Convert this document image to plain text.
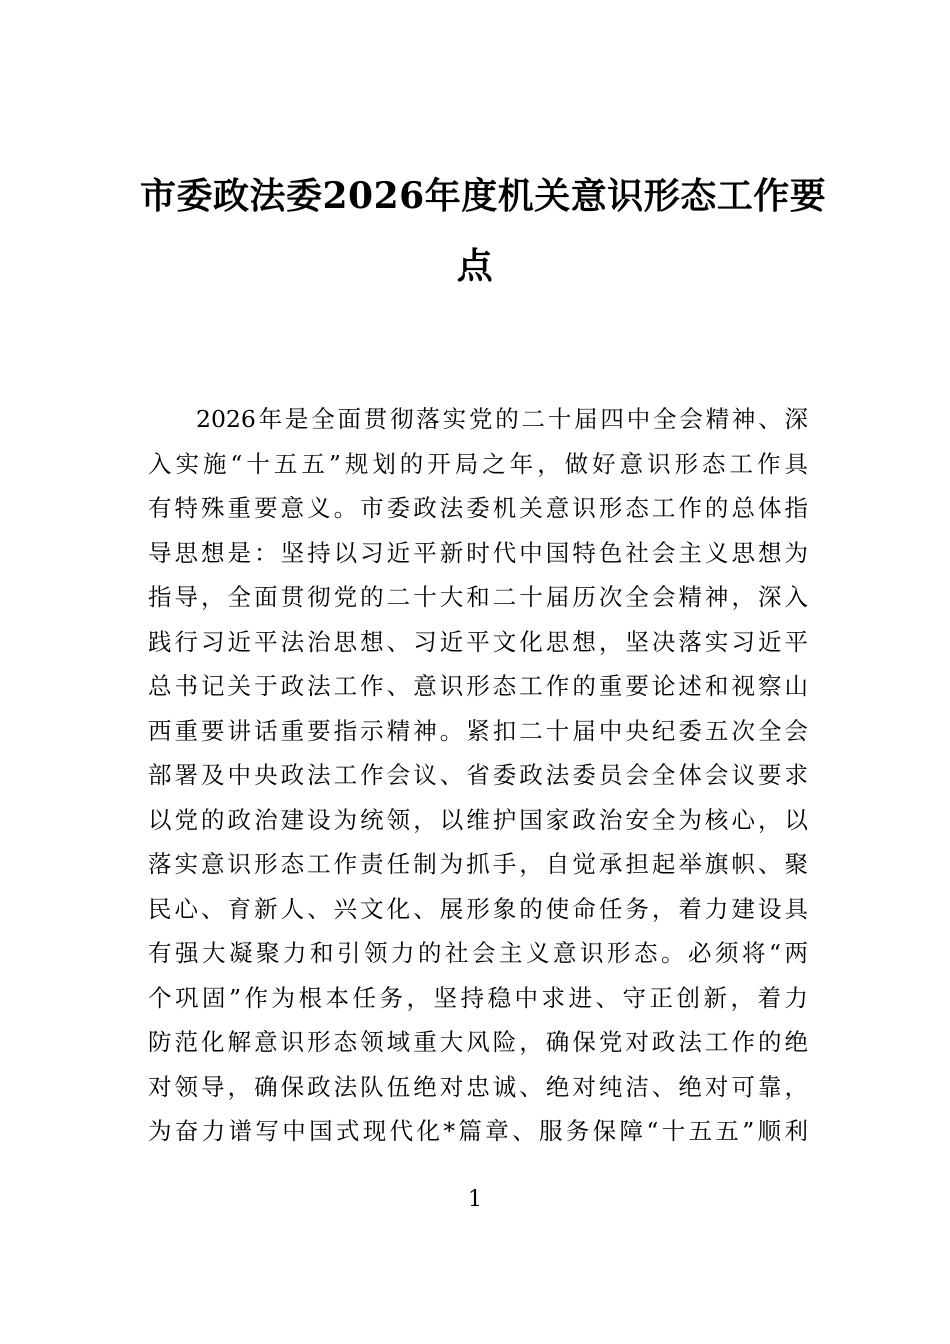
市委政法委2026年度机关意识形态工作要
点
2026年是全面贯彻落实党的二十届四中全会精神、深
入实施“十五五”规划的开局之年，做好意识形态工作具
有特殊重要意义。市委政法委机关意识形态工作的总体指
导思想是：坚持以习近平新时代中国特色社会主义思想为
指导，全面贯彻党的二十大和二十届历次全会精神，深入
践行习近平法治思想、习近平文化思想，坚决落实习近平
总书记关于政法工作、意识形态工作的重要论述和视察山
西重要讲话重要指示精神。紧扣二十届中央纪委五次全会
部署及中央政法工作会议、省委政法委员会全体会议要求
以党的政治建设为统领，以维护国家政治安全为核心，以
落实意识形态工作责任制为抓手，自觉承担起举旗帜、聚
民心、育新人、兴文化、展形象的使命任务，着力建设具
有强大凝聚力和引领力的社会主义意识形态。必须将“两
个巩固”作为根本任务，坚持稳中求进、守正创新，着力
防范化解意识形态领域重大风险，确保党对政法工作的绝
对领导，确保政法队伍绝对忠诚、绝对纯洁、绝对可靠，
为奋力谱写中国式现代化*篇章、服务保障“十五五”顺利
1
